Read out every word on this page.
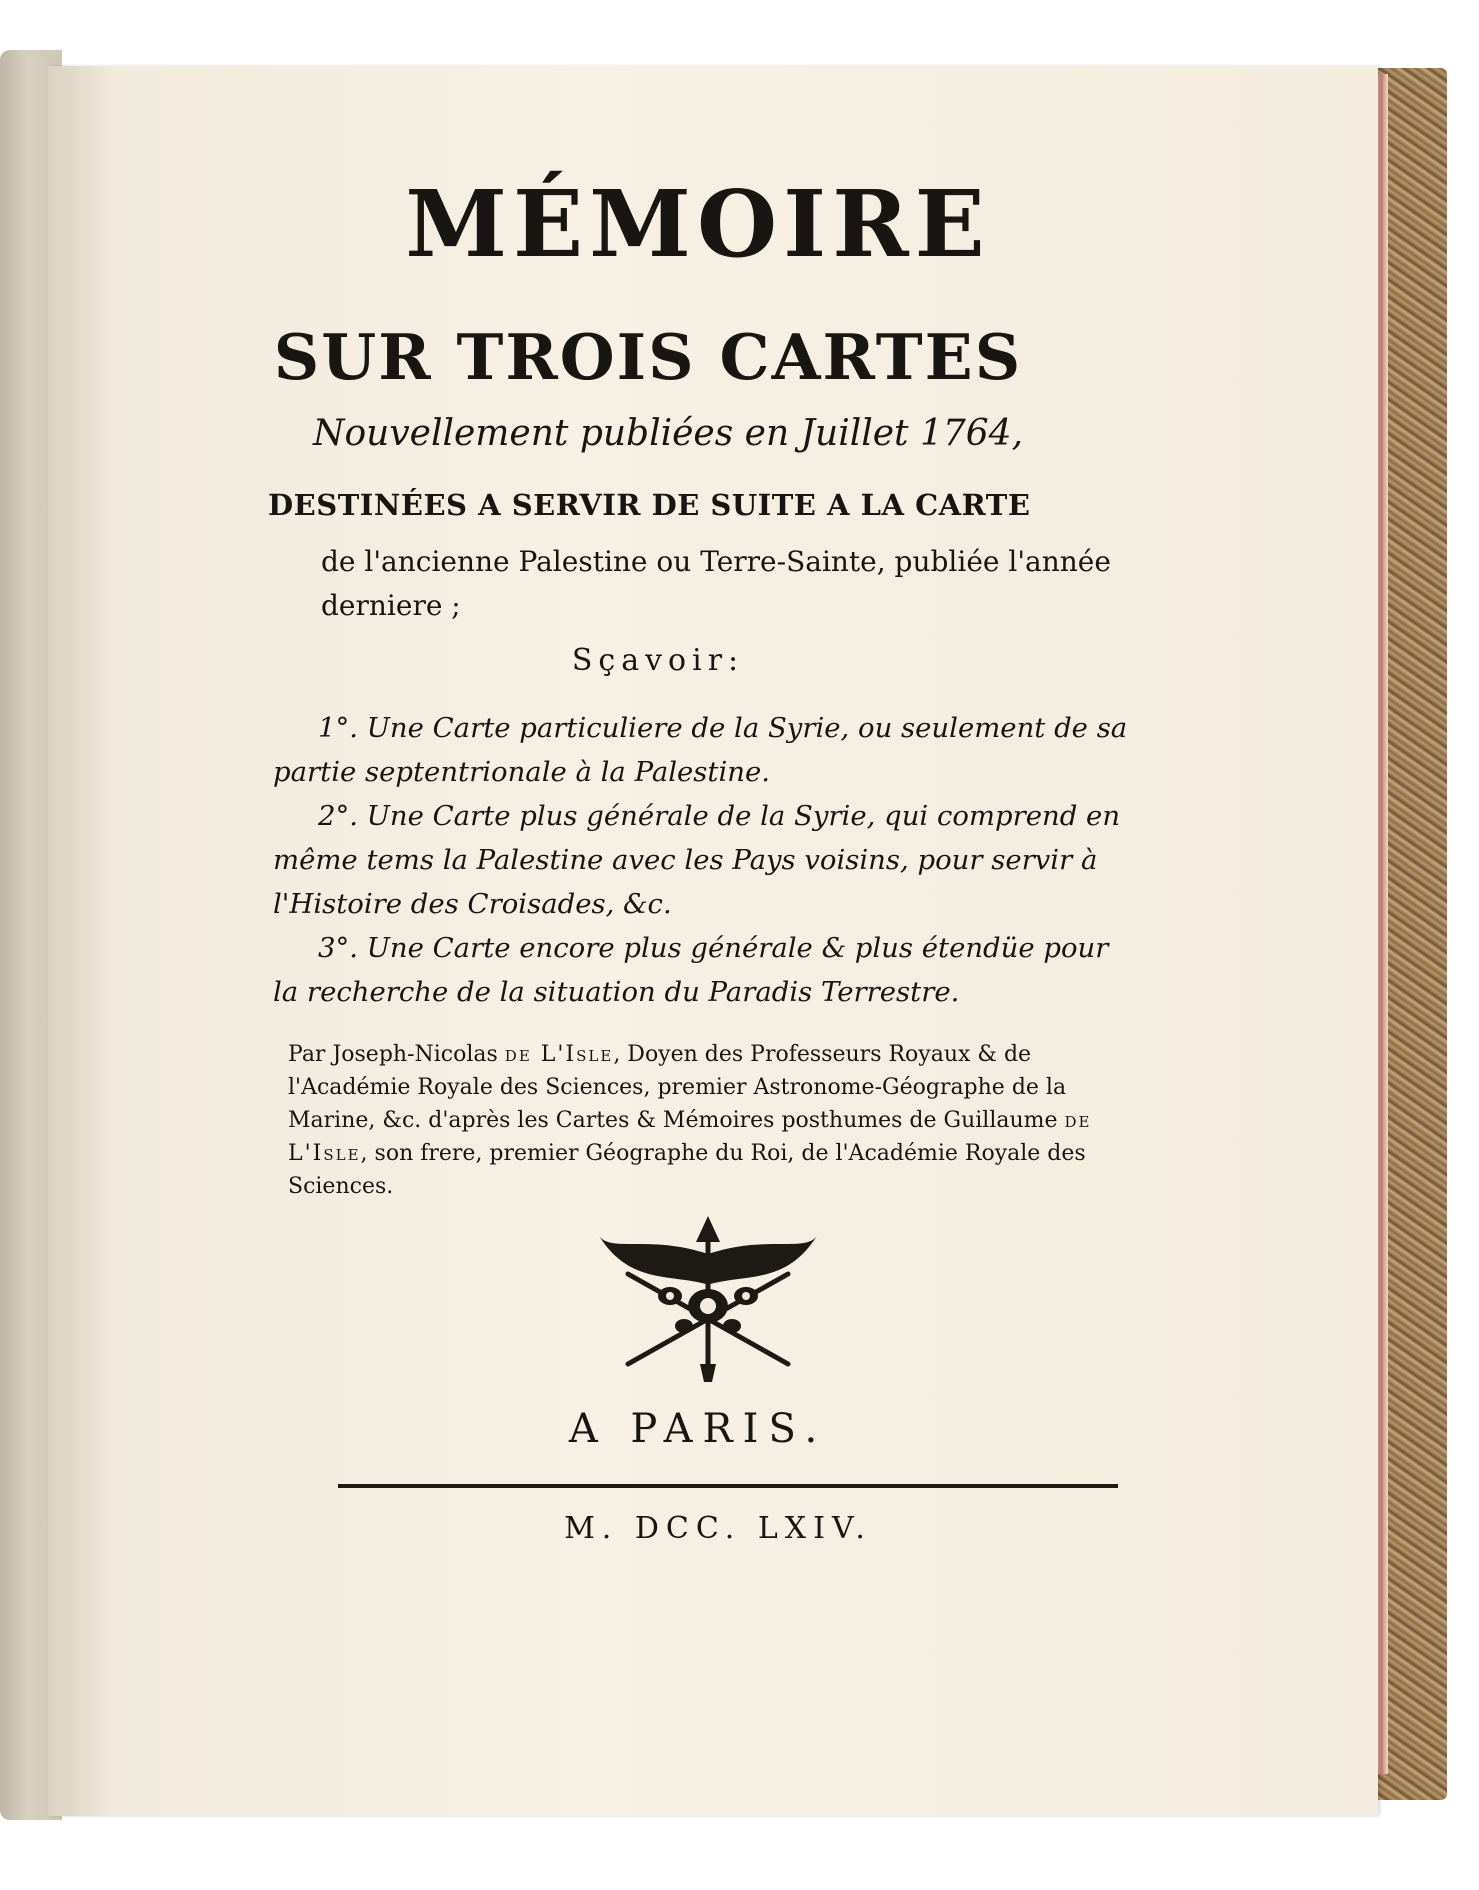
MÉMOIRE
SUR TROIS CARTES

Nouvellement publiées en Juillet 1764,

DESTINÉES A SERVIR DE SUITE A LA CARTE

de l'ancienne Palestine ou Terre-Sainte, publiée l'année derniere ;

Sçavoir:

1°. Une Carte particuliere de la Syrie, ou seulement de sa partie septentrionale à la Palestine.

2°. Une Carte plus générale de la Syrie, qui comprend en même tems la Palestine avec les Pays voisins, pour servir à l'Histoire des Croisades, &c.

3°. Une Carte encore plus générale & plus étendüe pour la recherche de la situation du Paradis Terrestre.

Par Joseph-Nicolas de L'Isle, Doyen des Professeurs Royaux & de l'Académie Royale des Sciences, premier Astronome-Géographe de la Marine, &c. d'après les Cartes & Mémoires posthumes de Guillaume de L'Isle, son frere, premier Géographe du Roi, de l'Académie Royale des Sciences.

A PARIS.

M. DCC. LXIV.
